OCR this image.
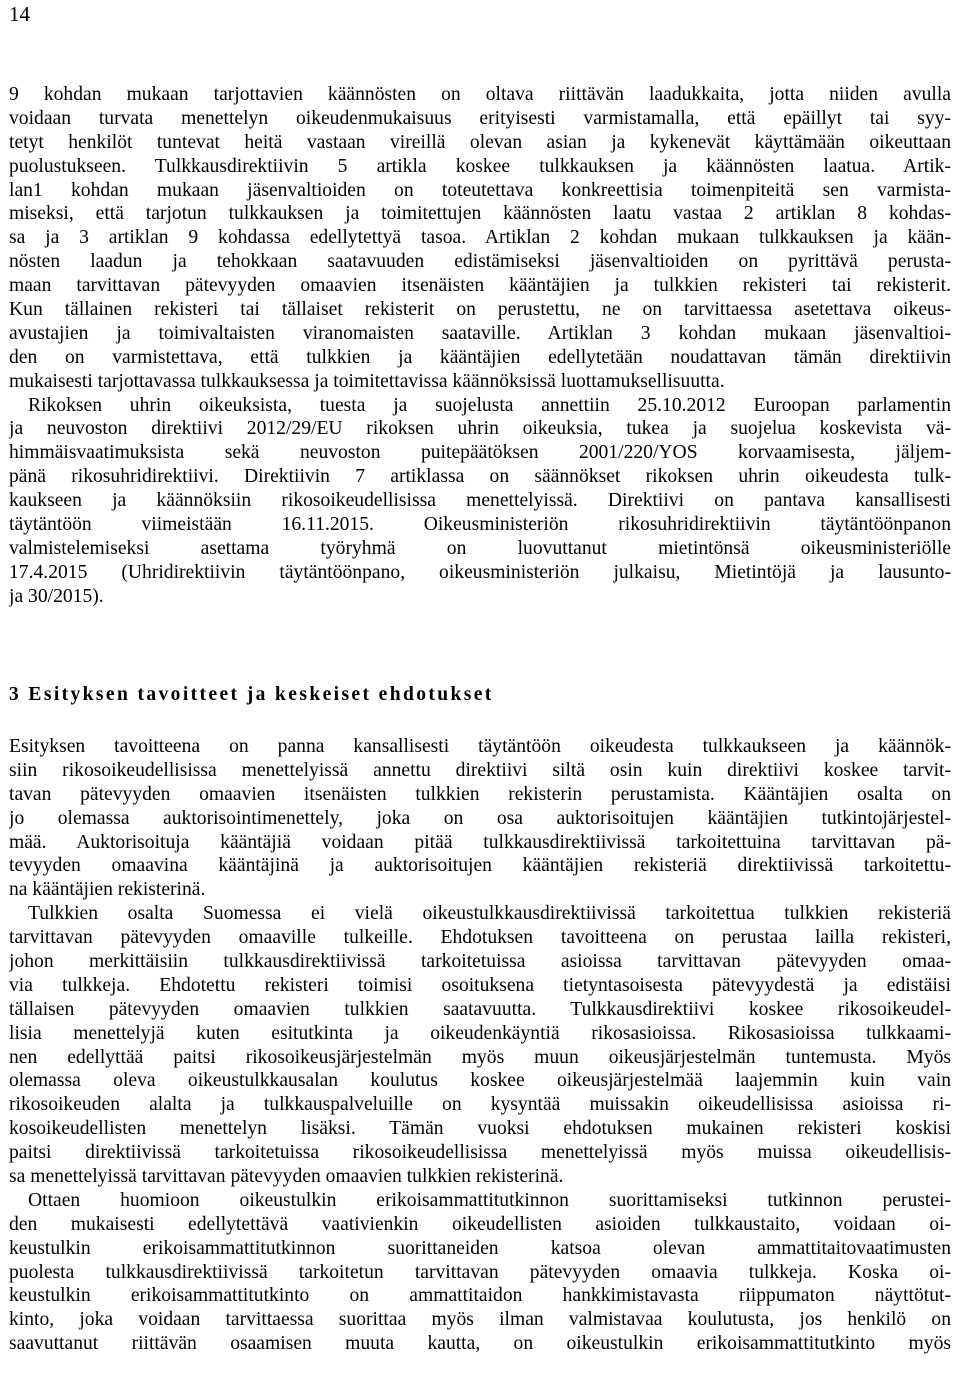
14
9 kohdan mukaan tarjottavien käännösten on oltava riittävän laadukkaita, jotta niiden avulla
voidaan turvata menettelyn oikeudenmukaisuus erityisesti varmistamalla, että epäillyt tai syy-
tetyt henkilöt tuntevat heitä vastaan vireillä olevan asian ja kykenevät käyttämään oikeuttaan
puolustukseen. Tulkkausdirektiivin 5 artikla koskee tulkkauksen ja käännösten laatua. Artik-
lan1 kohdan mukaan jäsenvaltioiden on toteutettava konkreettisia toimenpiteitä sen varmista-
miseksi, että tarjotun tulkkauksen ja toimitettujen käännösten laatu vastaa 2 artiklan 8 kohdas-
sa ja 3 artiklan 9 kohdassa edellytettyä tasoa. Artiklan 2 kohdan mukaan tulkkauksen ja kään-
nösten laadun ja tehokkaan saatavuuden edistämiseksi jäsenvaltioiden on pyrittävä perusta-
maan tarvittavan pätevyyden omaavien itsenäisten kääntäjien ja tulkkien rekisteri tai rekisterit.
Kun tällainen rekisteri tai tällaiset rekisterit on perustettu, ne on tarvittaessa asetettava oikeus-
avustajien ja toimivaltaisten viranomaisten saataville. Artiklan 3 kohdan mukaan jäsenvaltioi-
den on varmistettava, että tulkkien ja kääntäjien edellytetään noudattavan tämän direktiivin
mukaisesti tarjottavassa tulkkauksessa ja toimitettavissa käännöksissä luottamuksellisuutta.
Rikoksen uhrin oikeuksista, tuesta ja suojelusta annettiin 25.10.2012 Euroopan parlamentin
ja neuvoston direktiivi 2012/29/EU rikoksen uhrin oikeuksia, tukea ja suojelua koskevista vä-
himmäisvaatimuksista sekä neuvoston puitepäätöksen 2001/220/YOS korvaamisesta, jäljem-
pänä rikosuhridirektiivi. Direktiivin 7 artiklassa on säännökset rikoksen uhrin oikeudesta tulk-
kaukseen ja käännöksiin rikosoikeudellisissa menettelyissä. Direktiivi on pantava kansallisesti
täytäntöön viimeistään 16.11.2015. Oikeusministeriön rikosuhridirektiivin täytäntöönpanon
valmistelemiseksi asettama työryhmä on luovuttanut mietintönsä oikeusministeriölle
17.4.2015 (Uhridirektiivin täytäntöönpano, oikeusministeriön julkaisu, Mietintöjä ja lausunto-
ja 30/2015).
3 Esityksen tavoitteet ja keskeiset ehdotukset
Esityksen tavoitteena on panna kansallisesti täytäntöön oikeudesta tulkkaukseen ja käännök-
siin rikosoikeudellisissa menettelyissä annettu direktiivi siltä osin kuin direktiivi koskee tarvit-
tavan pätevyyden omaavien itsenäisten tulkkien rekisterin perustamista. Kääntäjien osalta on
jo olemassa auktorisointimenettely, joka on osa auktorisoitujen kääntäjien tutkintojärjestel-
mää. Auktorisoituja kääntäjiä voidaan pitää tulkkausdirektiivissä tarkoitettuina tarvittavan pä-
tevyyden omaavina kääntäjinä ja auktorisoitujen kääntäjien rekisteriä direktiivissä tarkoitettu-
na kääntäjien rekisterinä.
Tulkkien osalta Suomessa ei vielä oikeustulkkausdirektiivissä tarkoitettua tulkkien rekisteriä
tarvittavan pätevyyden omaaville tulkeille. Ehdotuksen tavoitteena on perustaa lailla rekisteri,
johon merkittäisiin tulkkausdirektiivissä tarkoitetuissa asioissa tarvittavan pätevyyden omaa-
via tulkkeja. Ehdotettu rekisteri toimisi osoituksena tietyntasoisesta pätevyydestä ja edistäisi
tällaisen pätevyyden omaavien tulkkien saatavuutta. Tulkkausdirektiivi koskee rikosoikeudel-
lisia menettelyjä kuten esitutkinta ja oikeudenkäyntiä rikosasioissa. Rikosasioissa tulkkaami-
nen edellyttää paitsi rikosoikeusjärjestelmän myös muun oikeusjärjestelmän tuntemusta. Myös
olemassa oleva oikeustulkkausalan koulutus koskee oikeusjärjestelmää laajemmin kuin vain
rikosoikeuden alalta ja tulkkauspalveluille on kysyntää muissakin oikeudellisissa asioissa ri-
kosoikeudellisten menettelyn lisäksi. Tämän vuoksi ehdotuksen mukainen rekisteri koskisi
paitsi direktiivissä tarkoitetuissa rikosoikeudellisissa menettelyissä myös muissa oikeudellisis-
sa menettelyissä tarvittavan pätevyyden omaavien tulkkien rekisterinä.
Ottaen huomioon oikeustulkin erikoisammattitutkinnon suorittamiseksi tutkinnon perustei-
den mukaisesti edellytettävä vaativienkin oikeudellisten asioiden tulkkaustaito, voidaan oi-
keustulkin erikoisammattitutkinnon suorittaneiden katsoa olevan ammattitaitovaatimusten
puolesta tulkkausdirektiivissä tarkoitetun tarvittavan pätevyyden omaavia tulkkeja. Koska oi-
keustulkin erikoisammattitutkinto on ammattitaidon hankkimistavasta riippumaton näyttötut-
kinto, joka voidaan tarvittaessa suorittaa myös ilman valmistavaa koulutusta, jos henkilö on
saavuttanut riittävän osaamisen muuta kautta, on oikeustulkin erikoisammattitutkinto myös
